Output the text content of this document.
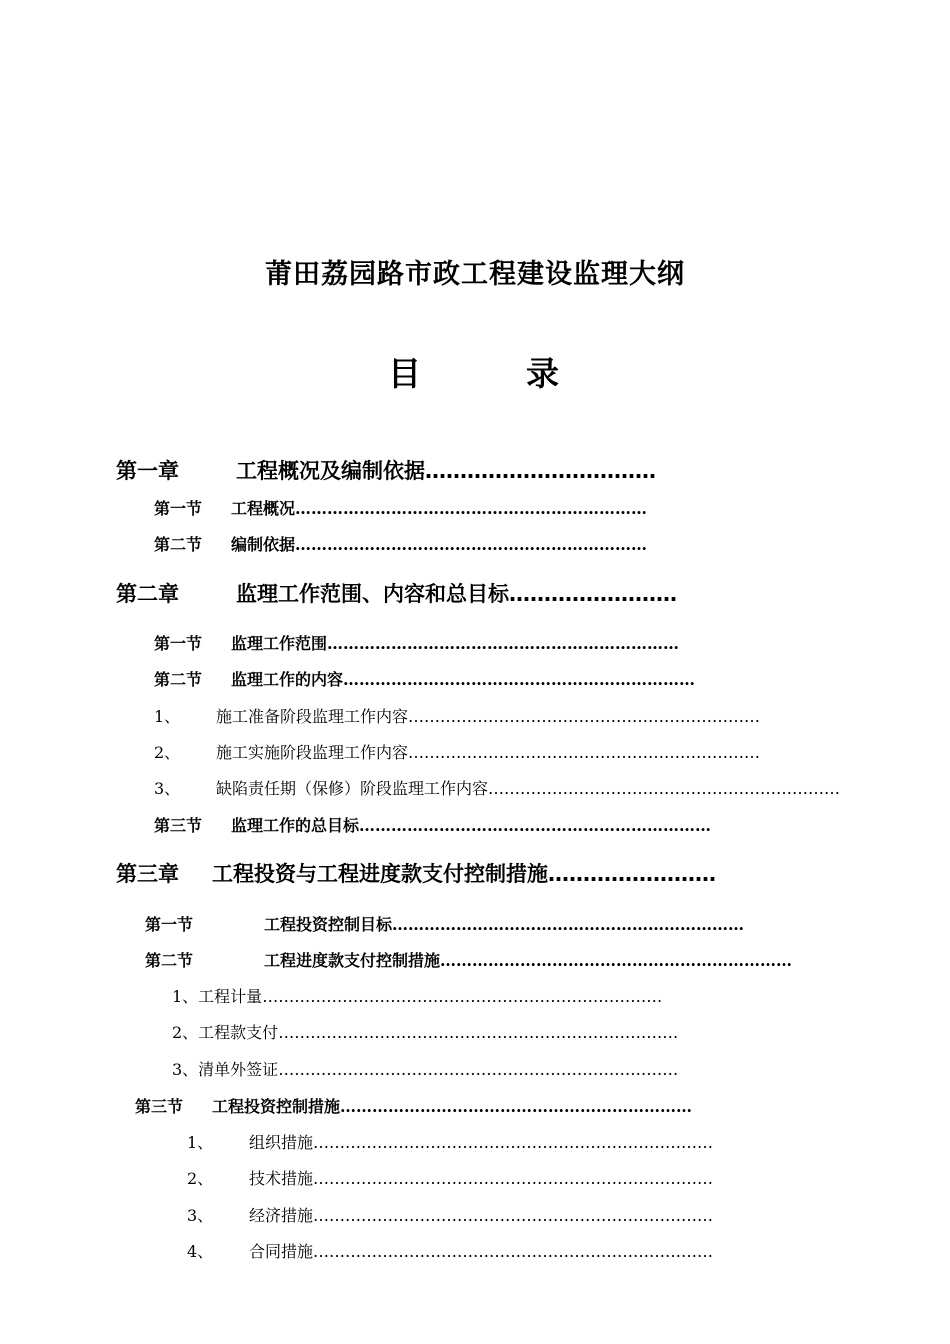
莆田荔园路市政工程建设监理大纲
目	录
第一章	工程概况及编制依据……………………………
第一节 工程概况…………………………………………………………
第二节 编制依据…………………………………………………………
第二章	监理工作范围、内容和总目标……………………
第一节 监理工作范围…………………………………………………………
第二节 监理工作的内容…………………………………………………………
1、 施工准备阶段监理工作内容…………………………………………………………
2、 施工实施阶段监理工作内容…………………………………………………………
3、 缺陷责任期（保修）阶段监理工作内容…………………………………………………………
第三节 监理工作的总目标…………………………………………………………
第三章 工程投资与工程进度款支付控制措施……………………
第一节	工程投资控制目标…………………………………………………………
第二节	工程进度款支付控制措施…………………………………………………………
1、工程计量…………………………………………………………………
2、工程款支付…………………………………………………………………
3、清单外签证…………………………………………………………………
第三节 工程投资控制措施…………………………………………………………
1、 组织措施…………………………………………………………………
2、 技术措施…………………………………………………………………
3、 经济措施…………………………………………………………………
4、 合同措施…………………………………………………………………
